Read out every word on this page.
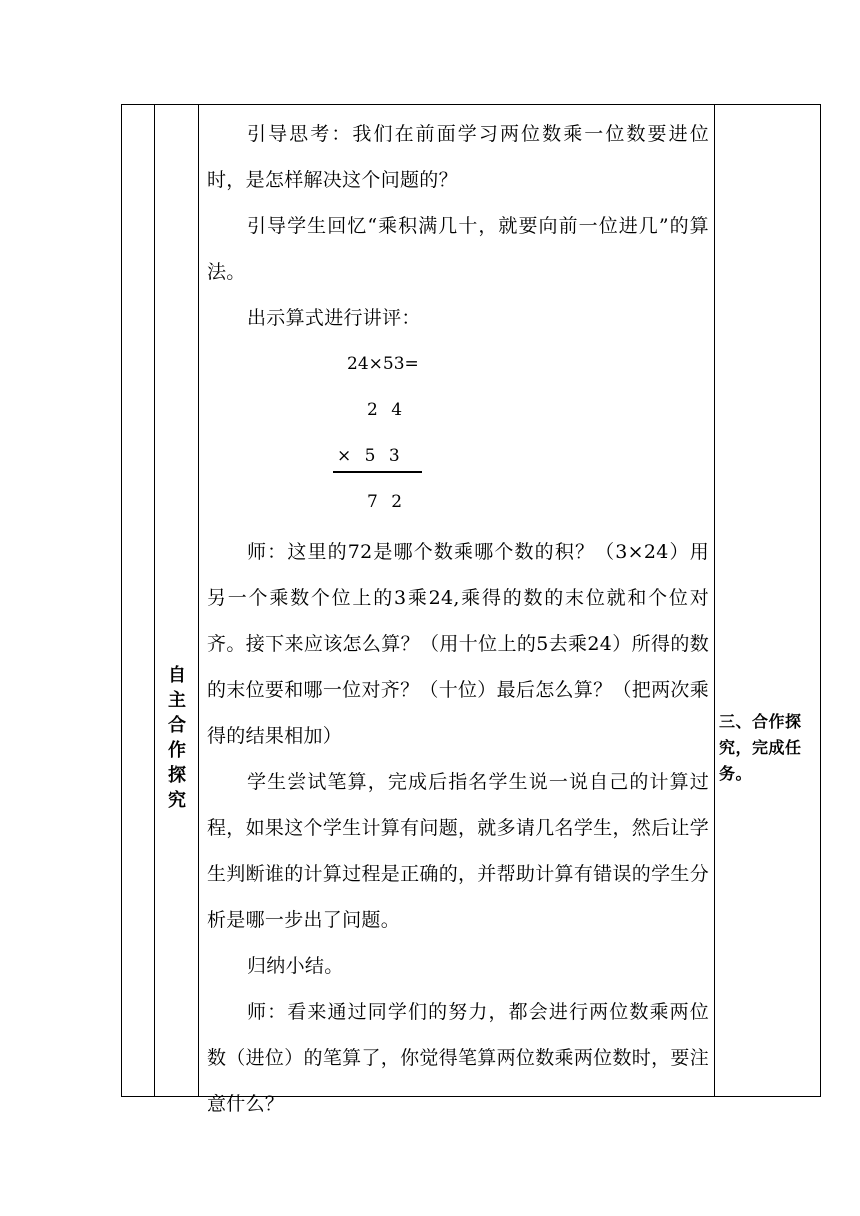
自
主
合
作
探
究

引导思考：我们在前面学习两位数乘一位数要进位时，是怎样解决这个问题的？

引导学生回忆“乘积满几十，就要向前一位进几”的算法。

出示算式进行讲评：

24×53=
2 4
× 5 3
7 2

师：这里的72是哪个数乘哪个数的积？（3×24）用另一个乘数个位上的3乘24,乘得的数的末位就和个位对齐。接下来应该怎么算？（用十位上的5去乘24）所得的数的末位要和哪一位对齐？（十位）最后怎么算？（把两次乘得的结果相加）

学生尝试笔算，完成后指名学生说一说自己的计算过程，如果这个学生计算有问题，就多请几名学生，然后让学生判断谁的计算过程是正确的，并帮助计算有错误的学生分析是哪一步出了问题。

归纳小结。

师：看来通过同学们的努力，都会进行两位数乘两位数（进位）的笔算了，你觉得笔算两位数乘两位数时，要注意什么？

三、合作探究，完成任务。
